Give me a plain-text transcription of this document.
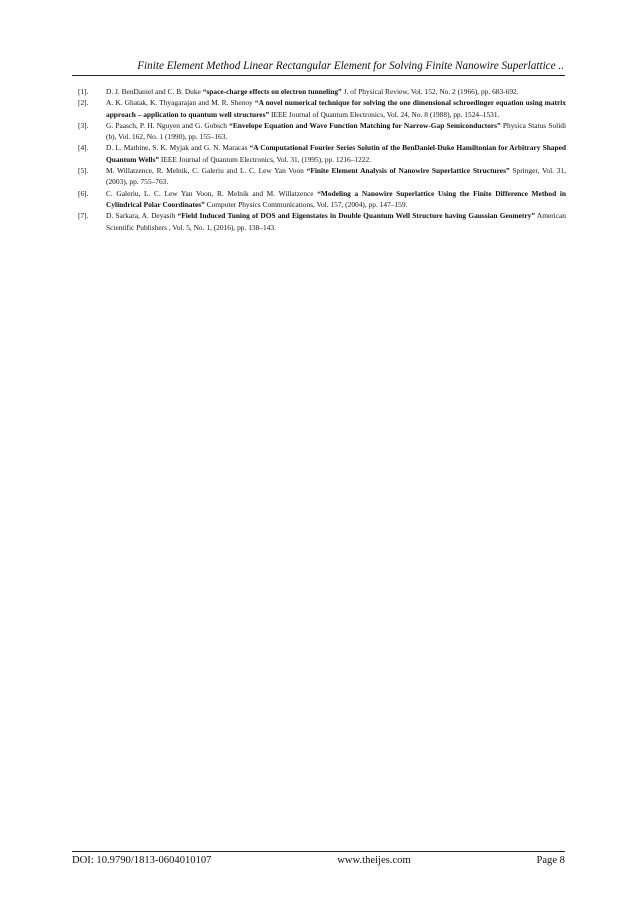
Finite Element Method Linear Rectangular Element for Solving Finite Nanowire Superlattice ..
[1].	D. J. BenDaniel and C. B. Duke “space-charge effects on electron tunneling” J. of Physical Review, Vol. 152, No. 2 (1966), pp. 683-692.
[2].	A. K. Ghatak, K. Thyagarajan and M. R. Shenoy “A novel numerical technique for solving the one dimensional schroedinger equation using matrix approach – application to quantum well structures” IEEE Journal of Quantum Electronics, Vol. 24, No. 8 (1988), pp. 1524–1531.
[3].	G. Paasch, P. H. Nguyen and G. Gobsch “Envelope Equation and Wave Function Matching for Narrow-Gap Semiconductors” Physica Status Solidi (b), Vol. 162, No. 1 (1990), pp. 155–163.
[4].	D. L. Mathine, S. K. Myjak and G. N. Maracas “A Computational Fourier Series Solutin of the BenDaniel-Duke Hamiltonian for Arbitrary Shaped Quantum Wells” IEEE Journal of Quantum Electronics, Vol. 31, (1995), pp. 1216–1222.
[5].	M. Willatzence, R. Melnik, C. Galeriu and L. C. Lew Yan Voon “Finite Element Analysis of Nanowire Superlattice Structures” Springer, Vol. 31, (2003), pp. 755–763.
[6].	C. Galeriu, L. C. Lew Yan Voon, R. Melnik and M. Willatzence “Modeling a Nanowire Superlattice Using the Finite Difference Method in Cylindrical Polar Coordinates” Computer Physics Communications, Vol. 157, (2004), pp. 147–159.
[7].	D. Sarkara, A. Deyasib “Field Induced Tuning of DOS and Eigenstates in Double Quantum Well Structure having Gaussian Geometry” American Scientific Publishers , Vol. 5, No. 1, (2016), pp. 138–143.
DOI: 10.9790/1813-0604010107	www.theijes.com	Page 8
